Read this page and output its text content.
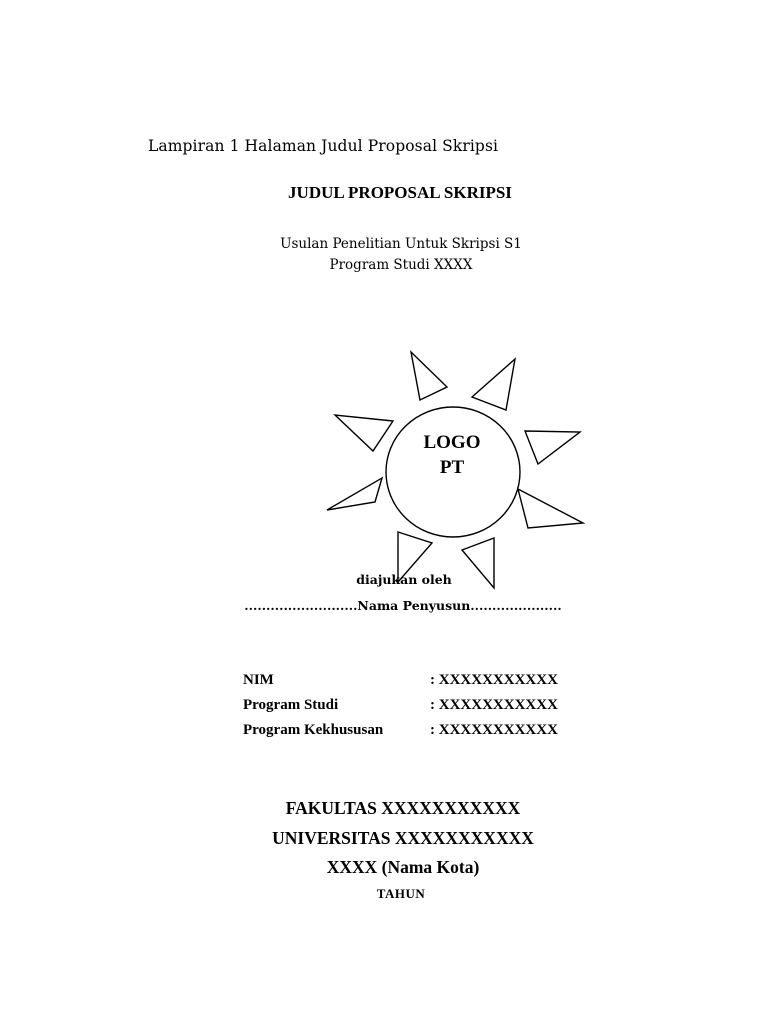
Lampiran 1 Halaman Judul Proposal Skripsi
JUDUL PROPOSAL SKRIPSI
Usulan Penelitian Untuk Skripsi S1
Program Studi XXXX
LOGO
PT
diajukan oleh
..........................Nama Penyusun.....................
NIM	: XXXXXXXXXXX
Program Studi	: XXXXXXXXXXX
Program Kekhususan	: XXXXXXXXXXX
FAKULTAS XXXXXXXXXXX
UNIVERSITAS XXXXXXXXXXX
XXXX (Nama Kota)
TAHUN
